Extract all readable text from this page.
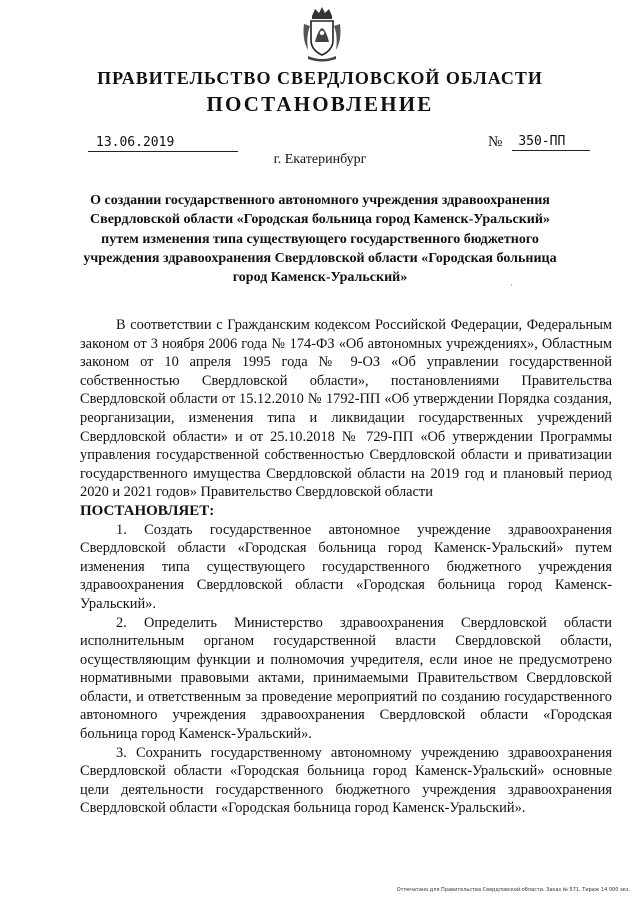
ПРАВИТЕЛЬСТВО СВЕРДЛОВСКОЙ ОБЛАСТИ
ПОСТАНОВЛЕНИЕ
13.06.2019	№	350-ПП
г. Екатеринбург
О создании государственного автономного учреждения здравоохранения Свердловской области «Городская больница город Каменск-Уральский» путем изменения типа существующего государственного бюджетного учреждения здравоохранения Свердловской области «Городская больница город Каменск-Уральский»	·

В соответствии с Гражданским кодексом Российской Федерации, Федеральным законом от 3 ноября 2006 года № 174-ФЗ «Об автономных учреждениях», Областным законом от 10 апреля 1995 года № 9-ОЗ «Об управлении государственной собственностью Свердловской области», постановлениями Правительства Свердловской области от 15.12.2010 № 1792-ПП «Об утверждении Порядка создания, реорганизации, изменения типа и ликвидации государственных учреждений Свердловской области» и от 25.10.2018 № 729-ПП «Об утверждении Программы управления государственной собственностью Свердловской области и приватизации государственного имущества Свердловской области на 2019 год и плановый период 2020 и 2021 годов» Правительство Свердловской области

ПОСТАНОВЛЯЕТ:

1. Создать государственное автономное учреждение здравоохранения Свердловской области «Городская больница город Каменск-Уральский» путем изменения типа существующего государственного бюджетного учреждения здравоохранения Свердловской области «Городская больница город Каменск-Уральский».

2. Определить Министерство здравоохранения Свердловской области исполнительным органом государственной власти Свердловской области, осуществляющим функции и полномочия учредителя, если иное не предусмотрено нормативными правовыми актами, принимаемыми Правительством Свердловской области, и ответственным за проведение мероприятий по созданию государственного автономного учреждения здравоохранения Свердловской области «Городская больница город Каменск-Уральский».

3. Сохранить государственному автономному учреждению здравоохранения Свердловской области «Городская больница город Каменск-Уральский» основные цели деятельности государственного бюджетного учреждения здравоохранения Свердловской области «Городская больница город Каменск-Уральский».

Отпечатано для Правительства Свердловской области. Заказ № 571. Тираж 14 000 экз.
